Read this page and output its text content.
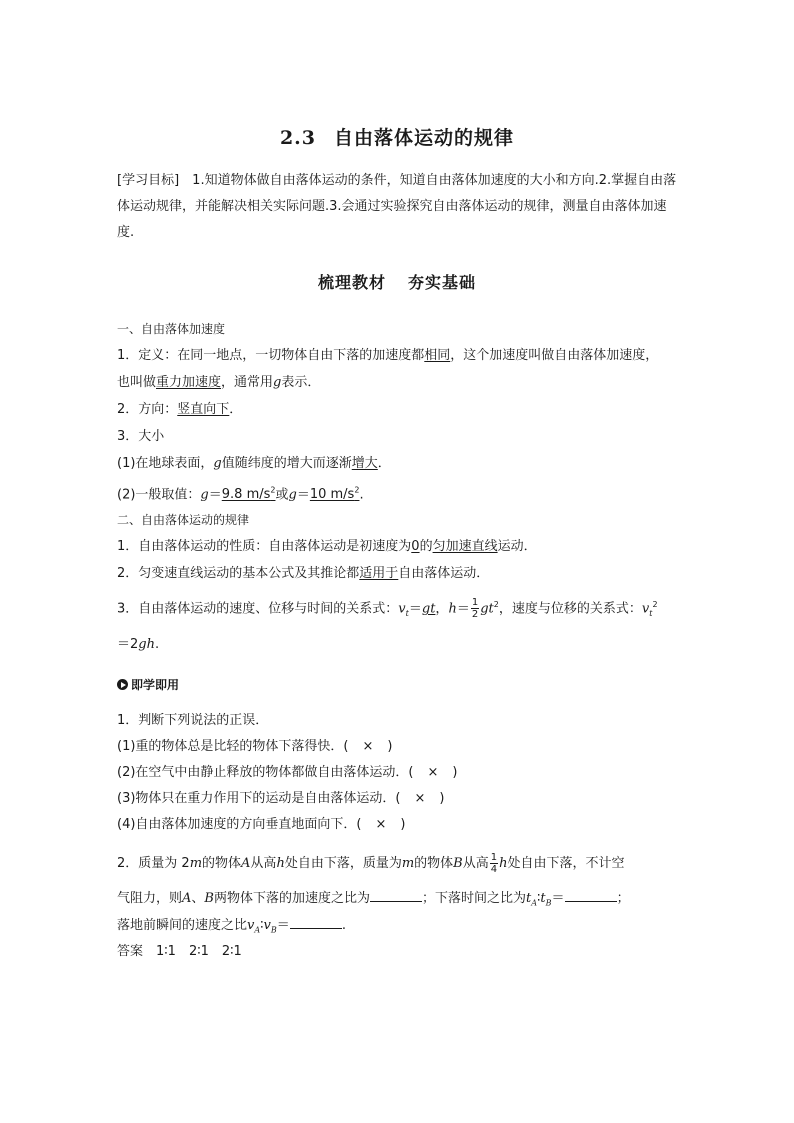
2.3 自由落体运动的规律
[学习目标]　 1.知道物体做自由落体运动的条件，知道自由落体加速度的大小和方向.2.掌握自由落体运动规律，并能解决相关实际问题.3.会通过实验探究自由落体运动的规律，测量自由落体加速度.
梳理教材 夯实基础
一、自由落体加速度
1．定义：在同一地点，一切物体自由下落的加速度都相同，这个加速度叫做自由落体加速度，
也叫做重力加速度，通常用g表示．
2．方向：竖直向下．
3．大小
(1)在地球表面，g值随纬度的增大而逐渐增大．
(2)一般取值：g＝9.8 $m/s^2$或g＝10 $m/s^2$.
二、自由落体运动的规律
1．自由落体运动的性质：自由落体运动是初速度为0的匀加速直线运动．
2．匀变速直线运动的基本公式及其推论都适用于自由落体运动．
3．自由落体运动的速度、位移与时间的关系式：$v_t=gt$，$h= \frac{1}{2} gt^2$，速度与位移的关系式：$v_t^2$
＝2gh.
即学即用
1．判断下列说法的正误．
(1)重的物体总是比轻的物体下落得快．( × )
(2)在空气中由静止释放的物体都做自由落体运动．( × )
(3)物体只在重力作用下的运动是自由落体运动．( × )
(4)自由落体加速度的方向垂直地面向下．( × )
2．质量为 2m的物体A从高h处自由下落，质量为m的物体B从高 $\frac{1}{4}$ h处自由下落，不计空
气阻力，则A、B两物体下落的加速度之比为	；下落时间之比为$t_A∶t_B=$	；
落地前瞬间的速度之比$v_A∶v_B=$	.
答案　 1∶1　2∶1　2∶1
